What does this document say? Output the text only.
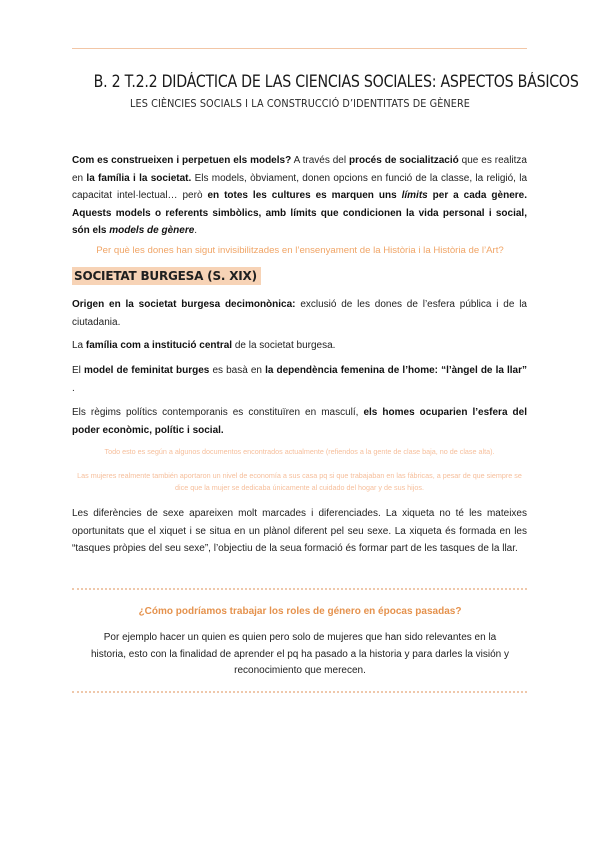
B. 2 T.2.2 DIDÁCTICA DE LAS CIENCIAS SOCIALES: ASPECTOS BÁSICOS
LES CIÈNCIES SOCIALS I LA CONSTRUCCIÓ D’IDENTITATS DE GÈNERE
Com es construeixen i perpetuen els models? A través del procés de socialització que es realitza en la família i la societat. Els models, òbviament, donen opcions en funció de la classe, la religió, la capacitat intel·lectual… però en totes les cultures es marquen uns límits per a cada gènere. Aquests models o referents simbòlics, amb límits que condicionen la vida personal i social, són els models de gènere.
Per què les dones han sigut invisibilitzades en l’ensenyament de la Història i la Història de l’Art?
SOCIETAT BURGESA (S. XIX)
Origen en la societat burgesa decimonònica: exclusió de les dones de l’esfera pública i de la ciutadania.
La família com a institució central de la societat burgesa.
El model de feminitat burges es basà en la dependència femenina de l’home: “l’àngel de la llar” .
Els règims polítics contemporanis es constituïren en masculí, els homes ocuparien l’esfera del poder econòmic, polític i social.
Todo esto es según a algunos documentos encontrados actualmente (refiendos a la gente de clase baja, no de clase alta).
Las mujeres realmente también aportaron un nivel de economía a sus casa pq si que trabajaban en las fábricas, a pesar de que siempre se dice que la mujer se dedicaba únicamente al cuidado del hogar y de sus hijos.
Les diferències de sexe apareixen molt marcades i diferenciades. La xiqueta no té les mateixes oportunitats que el xiquet i se situa en un plànol diferent pel seu sexe. La xiqueta és formada en les “tasques pròpies del seu sexe”, l’objectiu de la seua formació és formar part de les tasques de la llar.
¿Cómo podríamos trabajar los roles de género en épocas pasadas?
Por ejemplo hacer un quien es quien pero solo de mujeres que han sido relevantes en la historia, esto con la finalidad de aprender el pq ha pasado a la historia y para darles la visión y reconocimiento que merecen.
